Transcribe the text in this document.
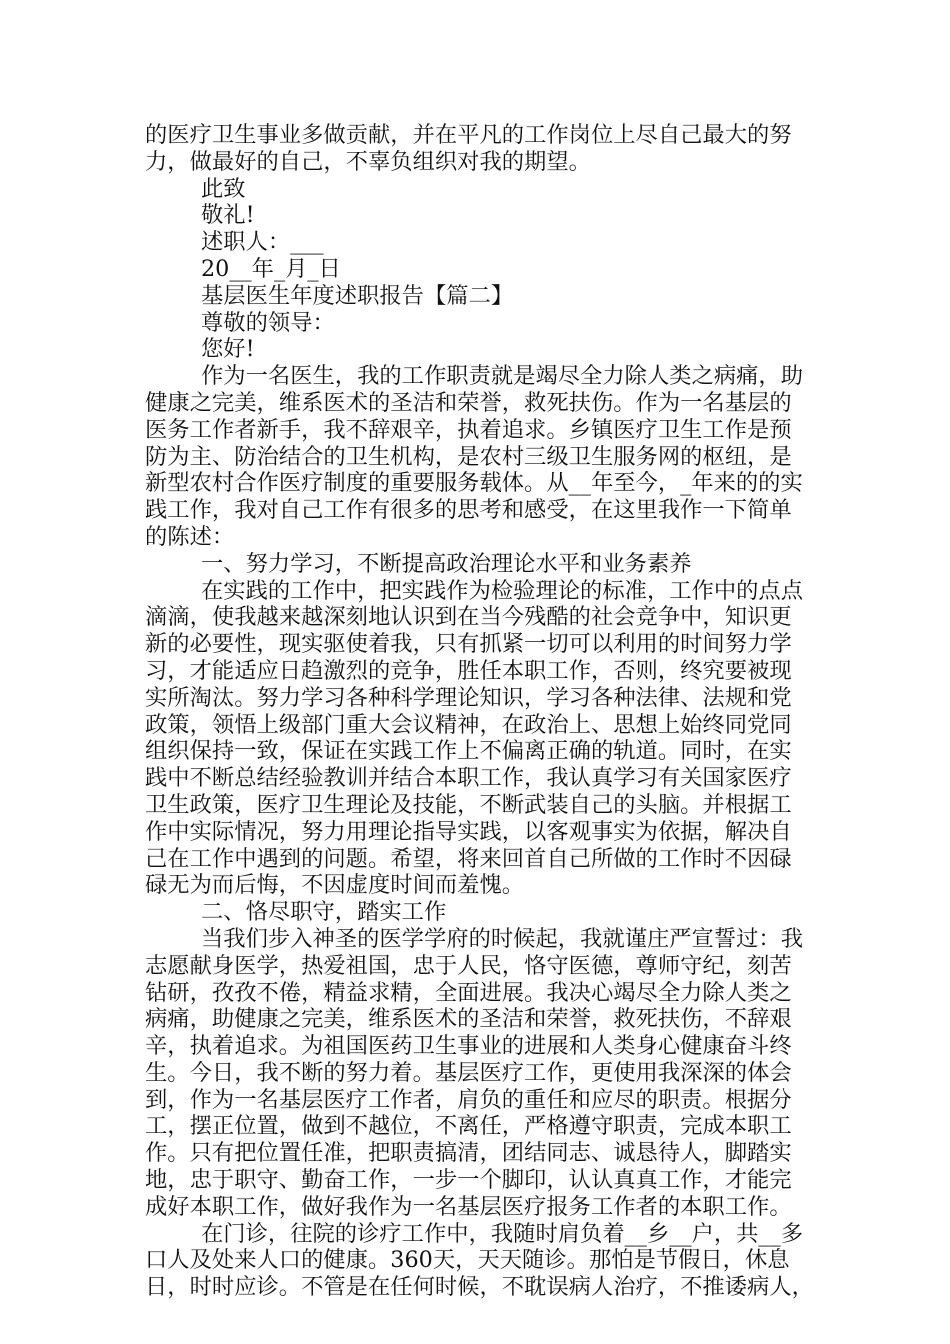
的医疗卫生事业多做贡献，并在平凡的工作岗位上尽自己最大的努
力，做最好的自己，不辜负组织对我的期望。
此致
敬礼!
述职人：___
20__年_月_日
基层医生年度述职报告【篇二】
尊敬的领导：
您好!
作为一名医生，我的工作职责就是竭尽全力除人类之病痛，助
健康之完美，维系医术的圣洁和荣誉，救死扶伤。作为一名基层的
医务工作者新手，我不辞艰辛，执着追求。乡镇医疗卫生工作是预
防为主、防治结合的卫生机构，是农村三级卫生服务网的枢纽，是
新型农村合作医疗制度的重要服务载体。从__年至今，_年来的的实
践工作，我对自己工作有很多的思考和感受，在这里我作一下简单
的陈述：
一、努力学习，不断提高政治理论水平和业务素养
在实践的工作中，把实践作为检验理论的标准，工作中的点点
滴滴，使我越来越深刻地认识到在当今残酷的社会竞争中，知识更
新的必要性，现实驱使着我，只有抓紧一切可以利用的时间努力学
习，才能适应日趋激烈的竞争，胜任本职工作，否则，终究要被现
实所淘汰。努力学习各种科学理论知识，学习各种法律、法规和党
政策，领悟上级部门重大会议精神，在政治上、思想上始终同党同
组织保持一致，保证在实践工作上不偏离正确的轨道。同时，在实
践中不断总结经验教训并结合本职工作，我认真学习有关国家医疗
卫生政策，医疗卫生理论及技能，不断武装自己的头脑。并根据工
作中实际情况，努力用理论指导实践，以客观事实为依据，解决自
己在工作中遇到的问题。希望，将来回首自己所做的工作时不因碌
碌无为而后悔，不因虚度时间而羞愧。
二、恪尽职守，踏实工作
当我们步入神圣的医学学府的时候起，我就谨庄严宣誓过：我
志愿献身医学，热爱祖国，忠于人民，恪守医德，尊师守纪，刻苦
钻研，孜孜不倦，精益求精，全面进展。我决心竭尽全力除人类之
病痛，助健康之完美，维系医术的圣洁和荣誉，救死扶伤，不辞艰
辛，执着追求。为祖国医药卫生事业的进展和人类身心健康奋斗终
生。今日，我不断的努力着。基层医疗工作，更使用我深深的体会
到，作为一名基层医疗工作者，肩负的重任和应尽的职责。根据分
工，摆正位置，做到不越位，不离任，严格遵守职责，完成本职工
作。只有把位置任准，把职责搞清，团结同志、诚恳待人，脚踏实
地，忠于职守、勤奋工作，一步一个脚印，认认真真工作，才能完
成好本职工作，做好我作为一名基层医疗报务工作者的本职工作。
在门诊，往院的诊疗工作中，我随时肩负着__乡__户，共__多
口人及处来人口的健康。360天，天天随诊。那怕是节假日，休息
日，时时应诊。不管是在任何时候，不耽误病人治疗，不推诿病人，
